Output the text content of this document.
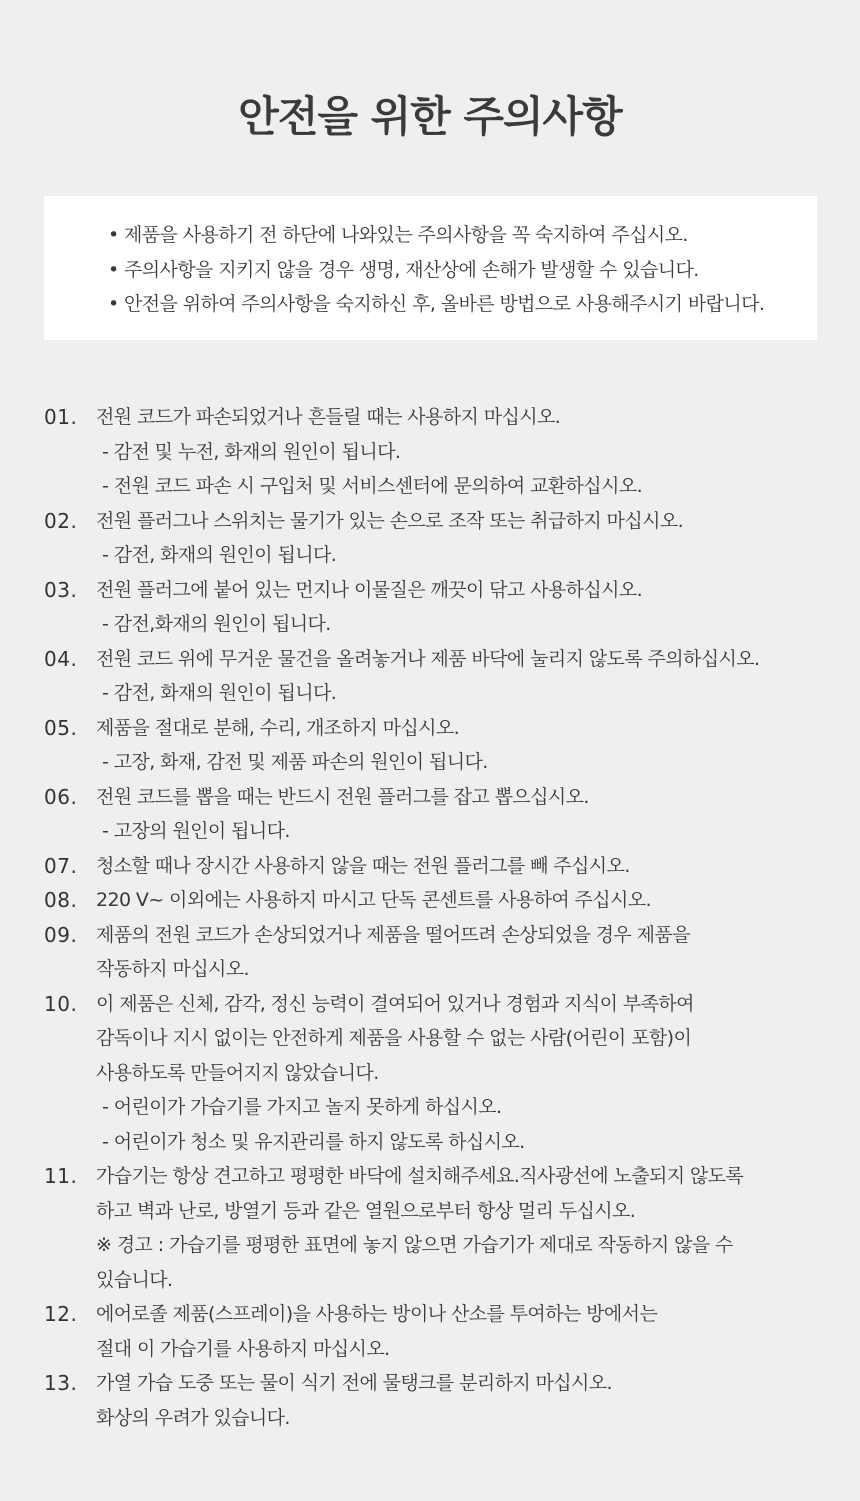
안전을 위한 주의사항
• 제품을 사용하기 전 하단에 나와있는 주의사항을 꼭 숙지하여 주십시오.
• 주의사항을 지키지 않을 경우 생명, 재산상에 손해가 발생할 수 있습니다.
• 안전을 위하여 주의사항을 숙지하신 후, 올바른 방법으로 사용해주시기 바랍니다.
01. 전원 코드가 파손되었거나 흔들릴 때는 사용하지 마십시오.
- 감전 및 누전, 화재의 원인이 됩니다.
- 전원 코드 파손 시 구입처 및 서비스센터에 문의하여 교환하십시오.
02. 전원 플러그나 스위치는 물기가 있는 손으로 조작 또는 취급하지 마십시오.
- 감전, 화재의 원인이 됩니다.
03. 전원 플러그에 붙어 있는 먼지나 이물질은 깨끗이 닦고 사용하십시오.
- 감전,화재의 원인이 됩니다.
04. 전원 코드 위에 무거운 물건을 올려놓거나 제품 바닥에 눌리지 않도록 주의하십시오.
- 감전, 화재의 원인이 됩니다.
05. 제품을 절대로 분해, 수리, 개조하지 마십시오.
- 고장, 화재, 감전 및 제품 파손의 원인이 됩니다.
06. 전원 코드를 뽑을 때는 반드시 전원 플러그를 잡고 뽑으십시오.
- 고장의 원인이 됩니다.
07. 청소할 때나 장시간 사용하지 않을 때는 전원 플러그를 빼 주십시오.
08. 220 V~ 이외에는 사용하지 마시고 단독 콘센트를 사용하여 주십시오.
09. 제품의 전원 코드가 손상되었거나 제품을 떨어뜨려 손상되었을 경우 제품을
작동하지 마십시오.
10. 이 제품은 신체, 감각, 정신 능력이 결여되어 있거나 경험과 지식이 부족하여
감독이나 지시 없이는 안전하게 제품을 사용할 수 없는 사람(어린이 포함)이
사용하도록 만들어지지 않았습니다.
- 어린이가 가습기를 가지고 놀지 못하게 하십시오.
- 어린이가 청소 및 유지관리를 하지 않도록 하십시오.
11. 가습기는 항상 견고하고 평평한 바닥에 설치해주세요.직사광선에 노출되지 않도록
하고 벽과 난로, 방열기 등과 같은 열원으로부터 항상 멀리 두십시오.
※ 경고 : 가습기를 평평한 표면에 놓지 않으면 가습기가 제대로 작동하지 않을 수
있습니다.
12. 에어로졸 제품(스프레이)을 사용하는 방이나 산소를 투여하는 방에서는
절대 이 가습기를 사용하지 마십시오.
13. 가열 가습 도중 또는 물이 식기 전에 물탱크를 분리하지 마십시오.
화상의 우려가 있습니다.
